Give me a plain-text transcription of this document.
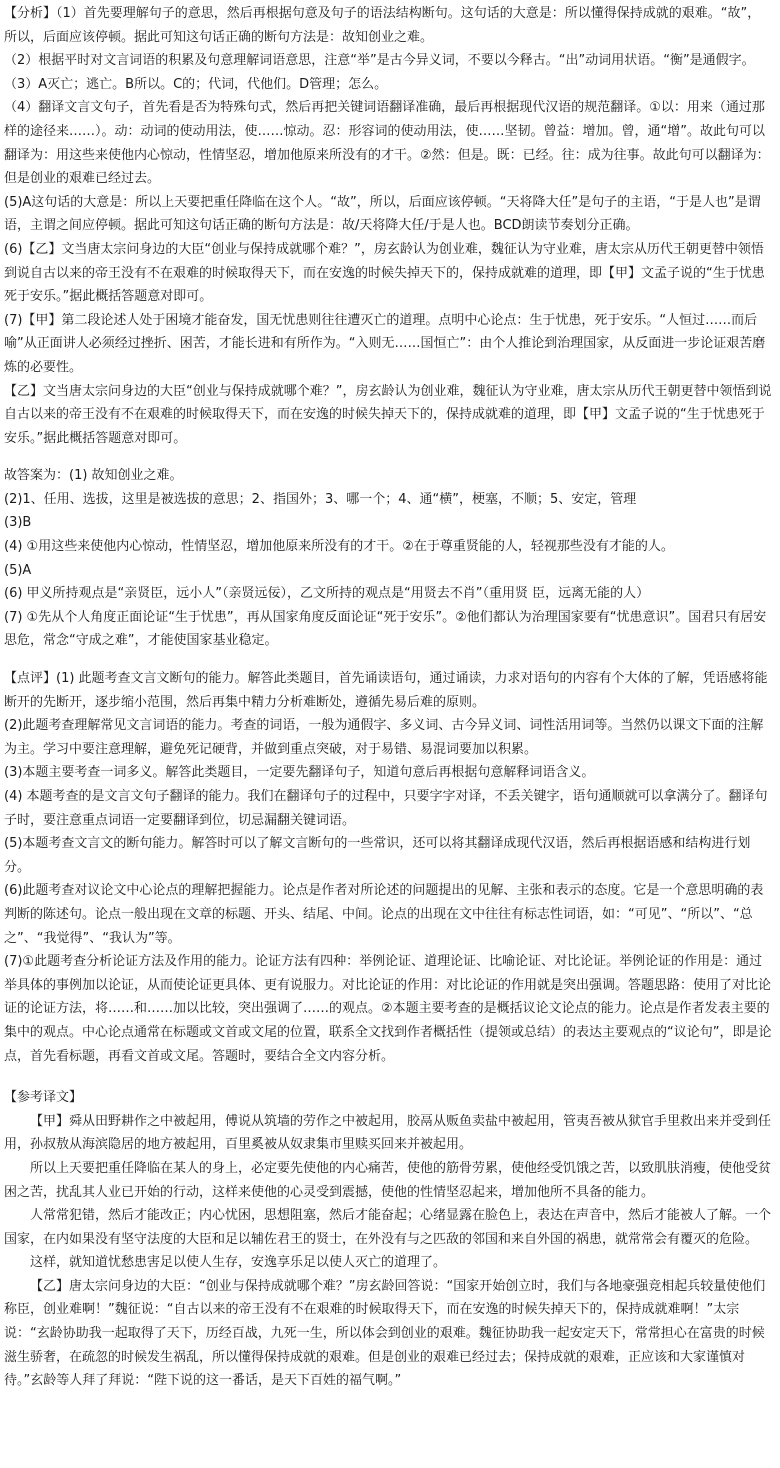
【分析】（1）首先要理解句子的意思，然后再根据句意及句子的语法结构断句。这句话的大意是：所以懂得保持成就的艰难。“故”，所以，后面应该停顿。据此可知这句话正确的断句方法是：故知创业之难。

（2）根据平时对文言词语的积累及句意理解词语意思，注意“举”是古今异义词，不要以今释古。“出”动词用状语。“衡”是通假字。

（3）A灭亡；逃亡。B所以。C的；代词，代他们。D管理；怎么。

（4）翻译文言文句子，首先看是否为特殊句式，然后再把关键词语翻译准确，最后再根据现代汉语的规范翻译。①以：用来（通过那样的途径来……）。动：动词的使动用法，使……惊动。忍：形容词的使动用法，使……坚韧。曾益：增加。曾，通“增”。故此句可以翻译为：用这些来使他内心惊动，性情坚忍，增加他原来所没有的才干。②然：但是。既：已经。往：成为往事。故此句可以翻译为：但是创业的艰难已经过去。

(5)A这句话的大意是：所以上天要把重任降临在这个人。“故”，所以，后面应该停顿。“天将降大任”是句子的主语，“于是人也”是谓语，主谓之间应停顿。据此可知这句话正确的断句方法是：故/天将降大任/于是人也。BCD朗读节奏划分正确。

(6)【乙】文当唐太宗问身边的大臣“创业与保持成就哪个难？”，房玄龄认为创业难，魏征认为守业难，唐太宗从历代王朝更替中领悟到说自古以来的帝王没有不在艰难的时候取得天下，而在安逸的时候失掉天下的，保持成就难的道理，即【甲】文孟子说的“生于忧患死于安乐。”据此概括答题意对即可。

(7)【甲】第二段论述人处于困境才能奋发，国无忧患则往往遭灭亡的道理。点明中心论点：生于忧患，死于安乐。“人恒过……而后喻”从正面讲人必须经过挫折、困苦，才能长进和有所作为。“入则无……国恒亡”：由个人推论到治理国家，从反面进一步论证艰苦磨炼的必要性。

【乙】文当唐太宗问身边的大臣“创业与保持成就哪个难？”，房玄龄认为创业难，魏征认为守业难，唐太宗从历代王朝更替中领悟到说自古以来的帝王没有不在艰难的时候取得天下，而在安逸的时候失掉天下的，保持成就难的道理，即【甲】文孟子说的“生于忧患死于安乐。”据此概括答题意对即可。

故答案为：(1) 故知创业之难。

(2)1、任用、选拔，这里是被选拔的意思；2、指国外；3、哪一个；4、通“横”，梗塞，不顺；5、安定，管理

(3)B

(4) ①用这些来使他内心惊动，性情坚忍，增加他原来所没有的才干。②在于尊重贤能的人，轻视那些没有才能的人。

(5)A

(6) 甲义所持观点是“亲贤臣，远小人”（亲贤远佞），乙文所持的观点是“用贤去不肖”（重用贤 臣，远离无能的人）

(7) ①先从个人角度正面论证“生于忧患”，再从国家角度反面论证“死于安乐”。②他们都认为治理国家要有“忧患意识”。国君只有居安思危，常念“守成之难”，才能使国家基业稳定。

【点评】(1) 此题考查文言文断句的能力。解答此类题目，首先诵读语句，通过诵读，力求对语句的内容有个大体的了解，凭语感将能断开的先断开，逐步缩小范围，然后再集中精力分析难断处，遵循先易后难的原则。

(2)此题考查理解常见文言词语的能力。考查的词语，一般为通假字、多义词、古今异义词、词性活用词等。当然仍以课文下面的注解为主。学习中要注意理解，避免死记硬背，并做到重点突破，对于易错、易混词要加以积累。

(3)本题主要考查一词多义。解答此类题目，一定要先翻译句子，知道句意后再根据句意解释词语含义。

(4) 本题考查的是文言文句子翻译的能力。我们在翻译句子的过程中，只要字字对译，不丢关键字，语句通顺就可以拿满分了。翻译句子时，要注意重点词语一定要翻译到位，切忌漏翻关键词语。

(5)本题考查文言文的断句能力。解答时可以了解文言断句的一些常识，还可以将其翻译成现代汉语，然后再根据语感和结构进行划分。

(6)此题考查对议论文中心论点的理解把握能力。论点是作者对所论述的问题提出的见解、主张和表示的态度。它是一个意思明确的表判断的陈述句。论点一般出现在文章的标题、开头、结尾、中间。论点的出现在文中往往有标志性词语，如：“可见”、“所以”、“总之”、“我觉得”、“我认为”等。

(7)①此题考查分析论证方法及作用的能力。论证方法有四种：举例论证、道理论证、比喻论证、对比论证。举例论证的作用是：通过举具体的事例加以论证，从而使论证更具体、更有说服力。对比论证的作用：对比论证的作用就是突出强调。答题思路：使用了对比论证的论证方法，将……和……加以比较，突出强调了……的观点。②本题主要考查的是概括议论文论点的能力。论点是作者发表主要的集中的观点。中心论点通常在标题或文首或文尾的位置，联系全文找到作者概括性（提领或总结）的表达主要观点的“议论句”，即是论点，首先看标题，再看文首或文尾。答题时，要结合全文内容分析。

【参考译文】

【甲】舜从田野耕作之中被起用，傅说从筑墙的劳作之中被起用，胶鬲从贩鱼卖盐中被起用，管夷吾被从狱官手里救出来并受到任用，孙叔敖从海滨隐居的地方被起用，百里奚被从奴隶集市里赎买回来并被起用。

所以上天要把重任降临在某人的身上，必定要先使他的内心痛苦，使他的筋骨劳累，使他经受饥饿之苦，以致肌肤消瘦，使他受贫困之苦，扰乱其人业已开始的行动，这样来使他的心灵受到震撼，使他的性情坚忍起来，增加他所不具备的能力。

人常常犯错，然后才能改正；内心忧困，思想阻塞，然后才能奋起；心绪显露在脸色上，表达在声音中，然后才能被人了解。一个国家，在内如果没有坚守法度的大臣和足以辅佐君王的贤士，在外没有与之匹敌的邻国和来自外国的祸患，就常常会有覆灭的危险。

这样，就知道忧愁患害足以使人生存，安逸享乐足以使人灭亡的道理了。

【乙】唐太宗问身边的大臣：“创业与保持成就哪个难？”房玄龄回答说：“国家开始创立时，我们与各地豪强竞相起兵较量使他们称臣，创业难啊！”魏征说：“自古以来的帝王没有不在艰难的时候取得天下，而在安逸的时候失掉天下的，保持成就难啊！”太宗说：“玄龄协助我一起取得了天下，历经百战，九死一生，所以体会到创业的艰难。魏征协助我一起安定天下，常常担心在富贵的时候滋生骄奢，在疏忽的时候发生祸乱，所以懂得保持成就的艰难。但是创业的艰难已经过去；保持成就的艰难，正应该和大家谨慎对待。”玄龄等人拜了拜说：“陛下说的这一番话，是天下百姓的福气啊。”
